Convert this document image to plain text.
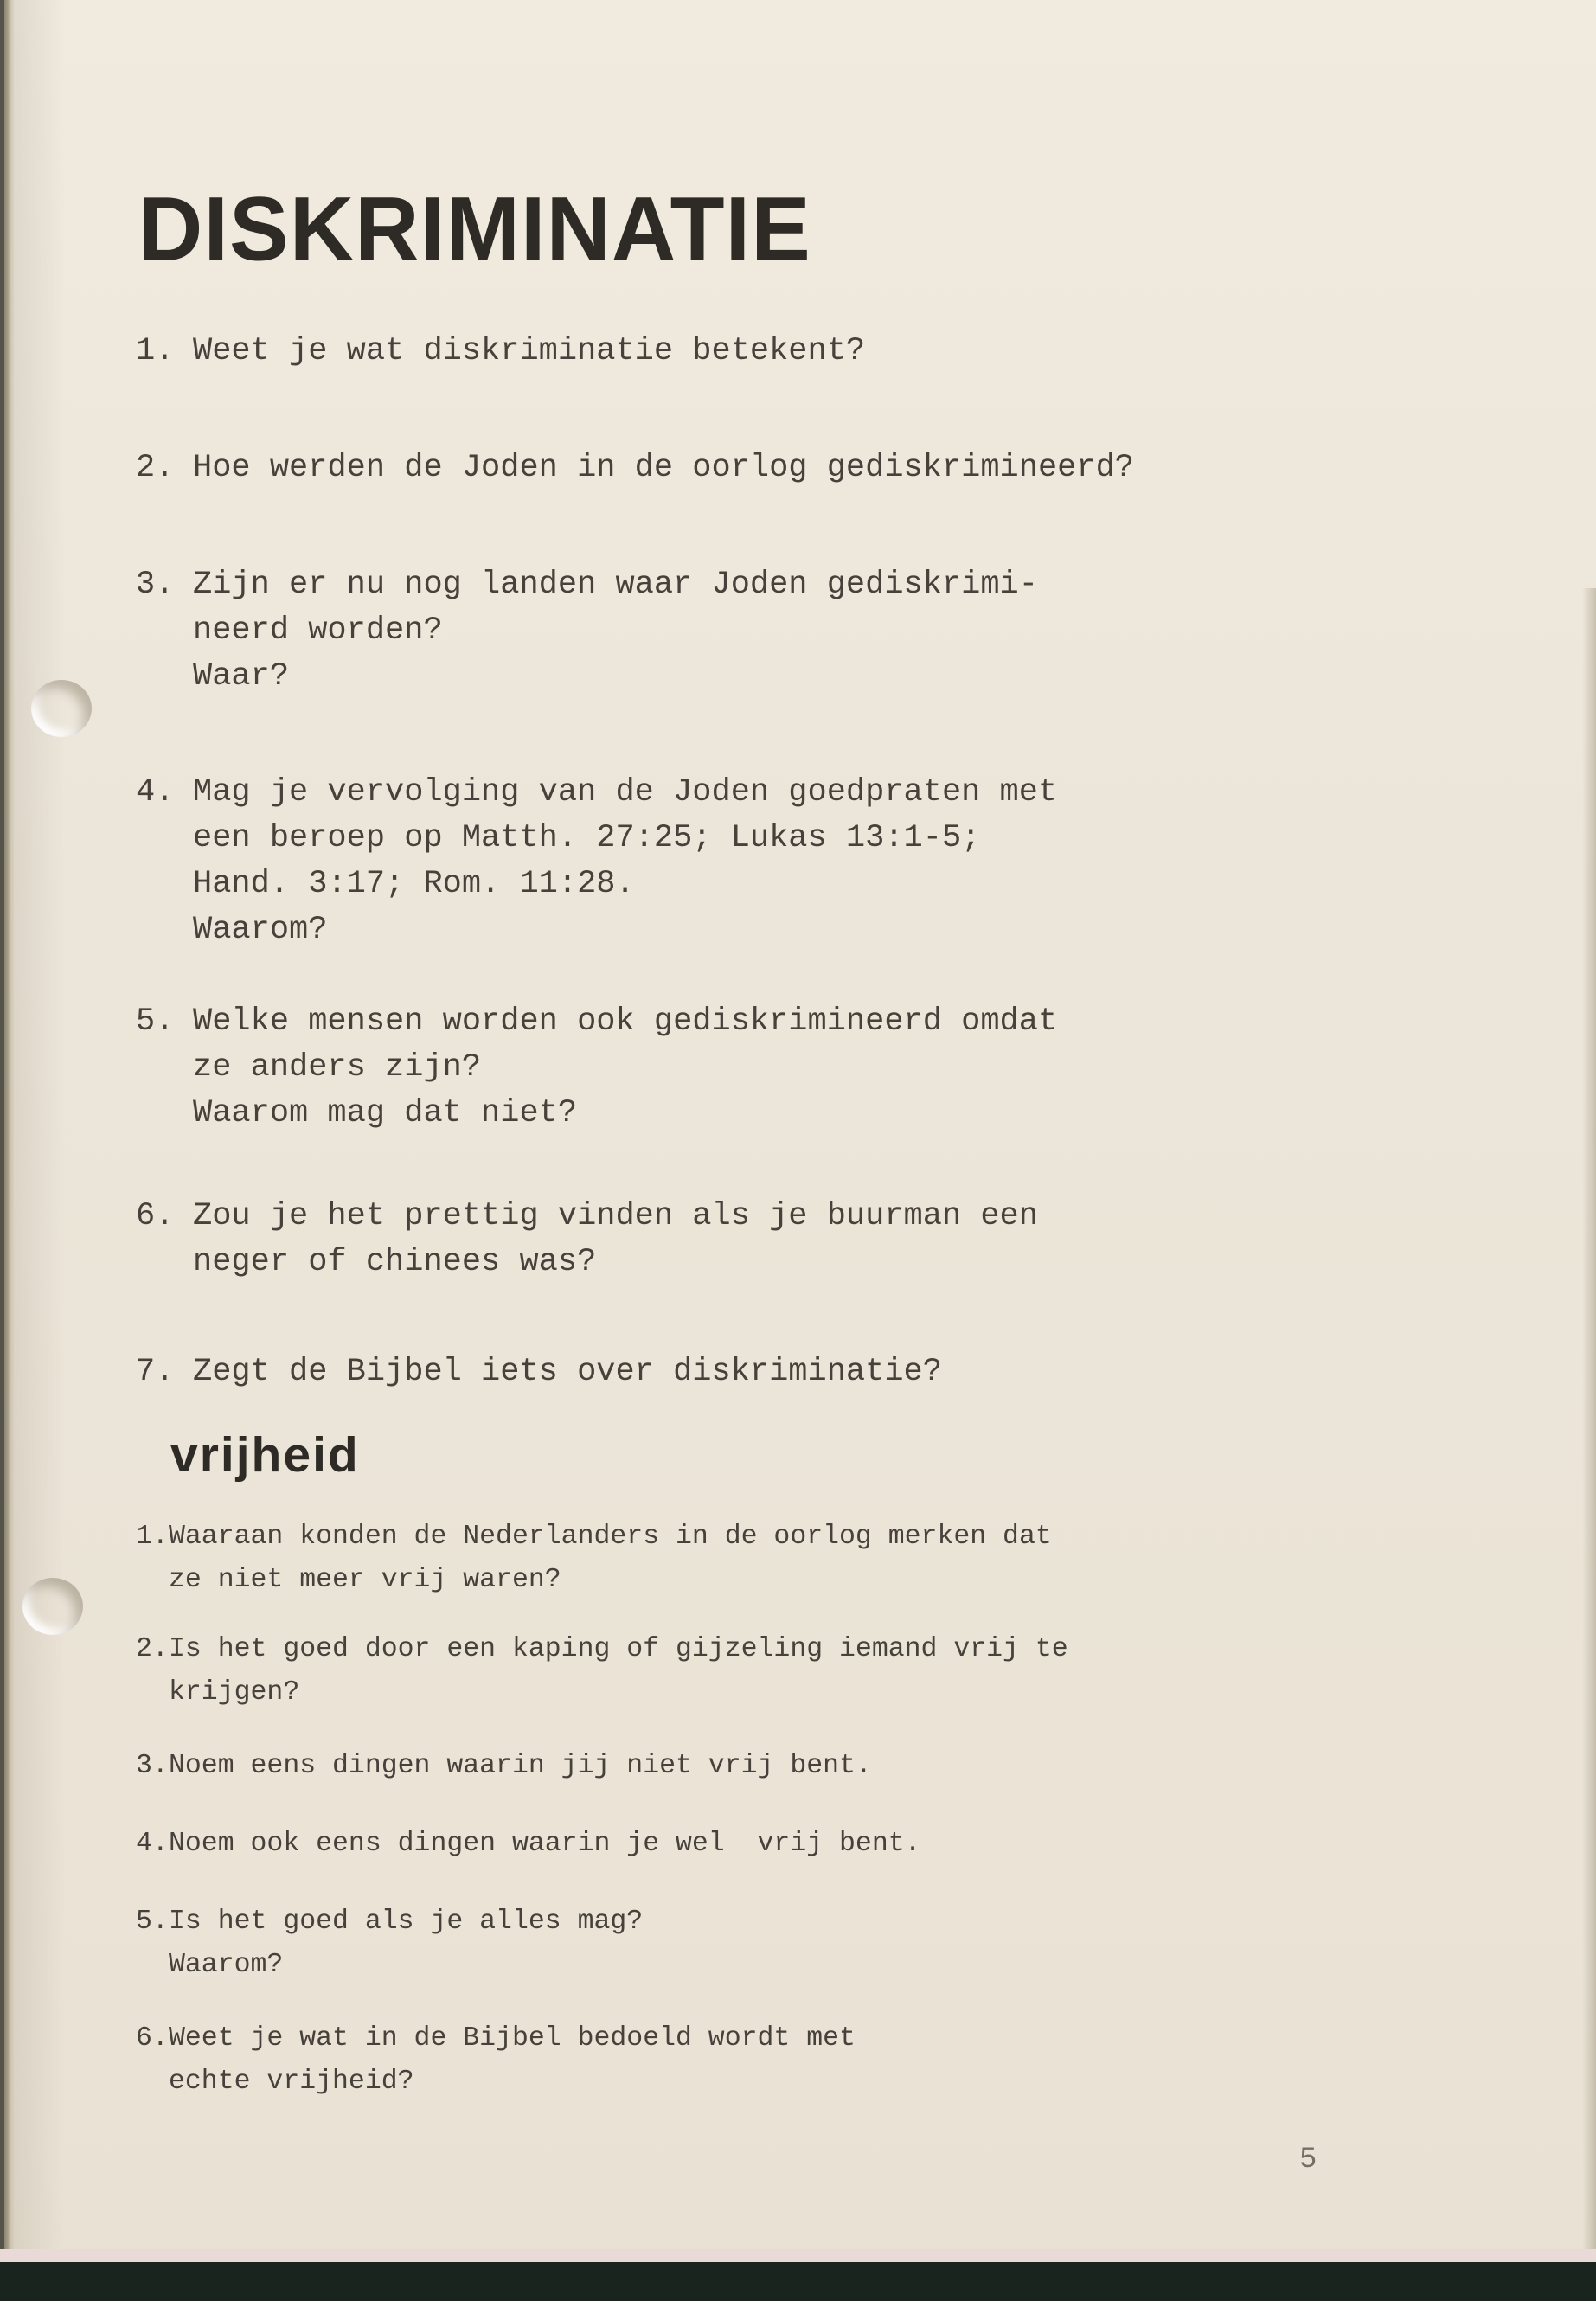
DISKRIMINATIE
1. Weet je wat diskriminatie betekent?
2. Hoe werden de Joden in de oorlog gediskrimineerd?
3. Zijn er nu nog landen waar Joden gediskrimi-
neerd worden?
Waar?
4. Mag je vervolging van de Joden goedpraten met
een beroep op Matth. 27:25; Lukas 13:1-5;
Hand. 3:17; Rom. 11:28.
Waarom?
5. Welke mensen worden ook gediskrimineerd omdat
ze anders zijn?
Waarom mag dat niet?
6. Zou je het prettig vinden als je buurman een
neger of chinees was?
7. Zegt de Bijbel iets over diskriminatie?
vrijheid
1. Waaraan konden de Nederlanders in de oorlog merken dat
ze niet meer vrij waren?
2. Is het goed door een kaping of gijzeling iemand vrij te
krijgen?
3. Noem eens dingen waarin jij niet vrij bent.
4. Noem ook eens dingen waarin je wel  vrij bent.
5. Is het goed als je alles mag?
Waarom?
6. Weet je wat in de Bijbel bedoeld wordt met
echte vrijheid?
5
